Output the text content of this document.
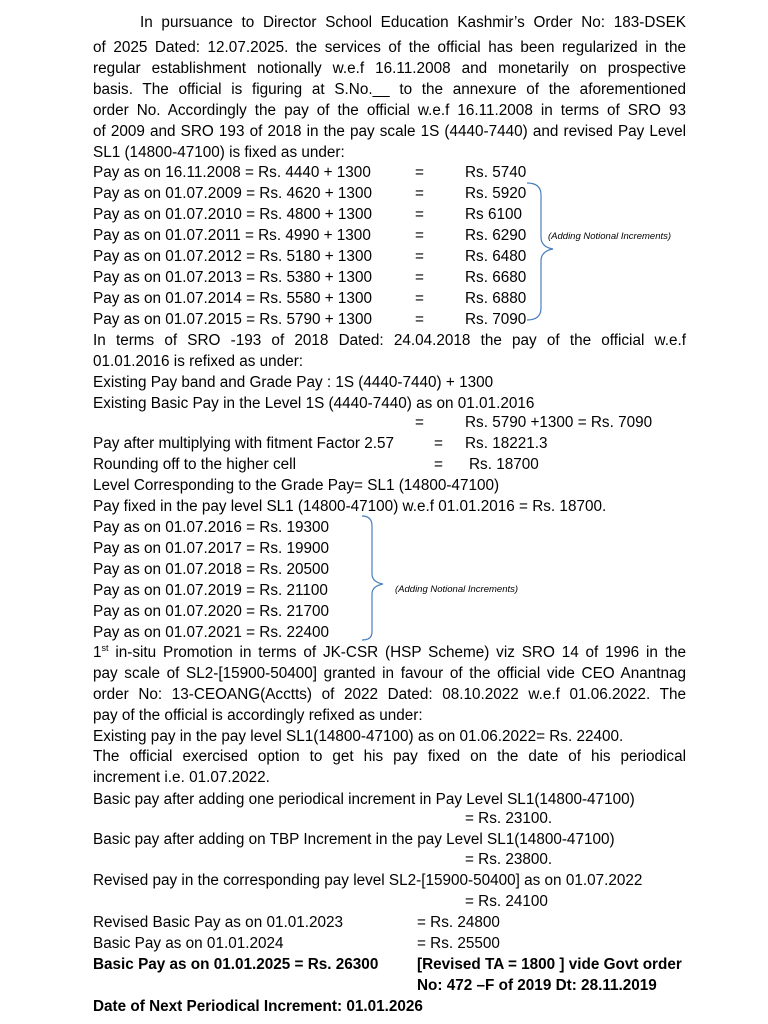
In pursuance to Director School Education Kashmir’s Order No: 183-DSEK
of 2025 Dated: 12.07.2025. the services of the official has been regularized in the
regular establishment notionally w.e.f 16.11.2008 and monetarily on prospective
basis. The official is figuring at S.No.__ to the annexure of the aforementioned
order No. Accordingly the pay of the official w.e.f 16.11.2008 in terms of SRO 93
of 2009 and SRO 193 of 2018 in the pay scale 1S (4440-7440) and revised Pay Level
SL1 (14800-47100) is fixed as under:
Pay as on 16.11.2008 = Rs. 4440 + 1300	=	Rs. 5740
Pay as on 01.07.2009 = Rs. 4620 + 1300	=	Rs. 5920
Pay as on 01.07.2010 = Rs. 4800 + 1300	=	Rs 6100
Pay as on 01.07.2011 = Rs. 4990 + 1300	=	Rs. 6290
Pay as on 01.07.2012 = Rs. 5180 + 1300	=	Rs. 6480
Pay as on 01.07.2013 = Rs. 5380 + 1300	=	Rs. 6680
Pay as on 01.07.2014 = Rs. 5580 + 1300	=	Rs. 6880
Pay as on 01.07.2015 = Rs. 5790 + 1300	=	Rs. 7090
(Adding Notional Increments)
In terms of SRO -193 of 2018 Dated: 24.04.2018 the pay of the official w.e.f
01.01.2016 is refixed as under:
Existing Pay band and Grade Pay : 1S (4440-7440) + 1300
Existing Basic Pay in the Level 1S (4440-7440) as on 01.01.2016
=	Rs. 5790 +1300 = Rs. 7090
Pay after multiplying with fitment Factor 2.57	= Rs. 18221.3
Rounding off to the higher cell	= Rs. 18700
Level Corresponding to the Grade Pay= SL1 (14800-47100)
Pay fixed in the pay level SL1 (14800-47100) w.e.f 01.01.2016 = Rs. 18700.
Pay as on 01.07.2016 = Rs. 19300
Pay as on 01.07.2017 = Rs. 19900
Pay as on 01.07.2018 = Rs. 20500
Pay as on 01.07.2019 = Rs. 21100
Pay as on 01.07.2020 = Rs. 21700
Pay as on 01.07.2021 = Rs. 22400
(Adding Notional Increments)
1st in-situ Promotion in terms of JK-CSR (HSP Scheme) viz SRO 14 of 1996 in the
pay scale of SL2-[15900-50400] granted in favour of the official vide CEO Anantnag
order No: 13-CEOANG(Acctts) of 2022 Dated: 08.10.2022 w.e.f 01.06.2022. The
pay of the official is accordingly refixed as under:
Existing pay in the pay level SL1(14800-47100) as on 01.06.2022= Rs. 22400.
The official exercised option to get his pay fixed on the date of his periodical
increment i.e. 01.07.2022.
Basic pay after adding one periodical increment in Pay Level SL1(14800-47100)
= Rs. 23100.
Basic pay after adding on TBP Increment in the pay Level SL1(14800-47100)
= Rs. 23800.
Revised pay in the corresponding pay level SL2-[15900-50400] as on 01.07.2022
= Rs. 24100
Revised Basic Pay as on 01.01.2023	= Rs. 24800
Basic Pay as on 01.01.2024	= Rs. 25500
Basic Pay as on 01.01.2025 = Rs. 26300	[Revised TA = 1800 ] vide Govt order
No: 472 –F of 2019 Dt: 28.11.2019
Date of Next Periodical Increment: 01.01.2026
